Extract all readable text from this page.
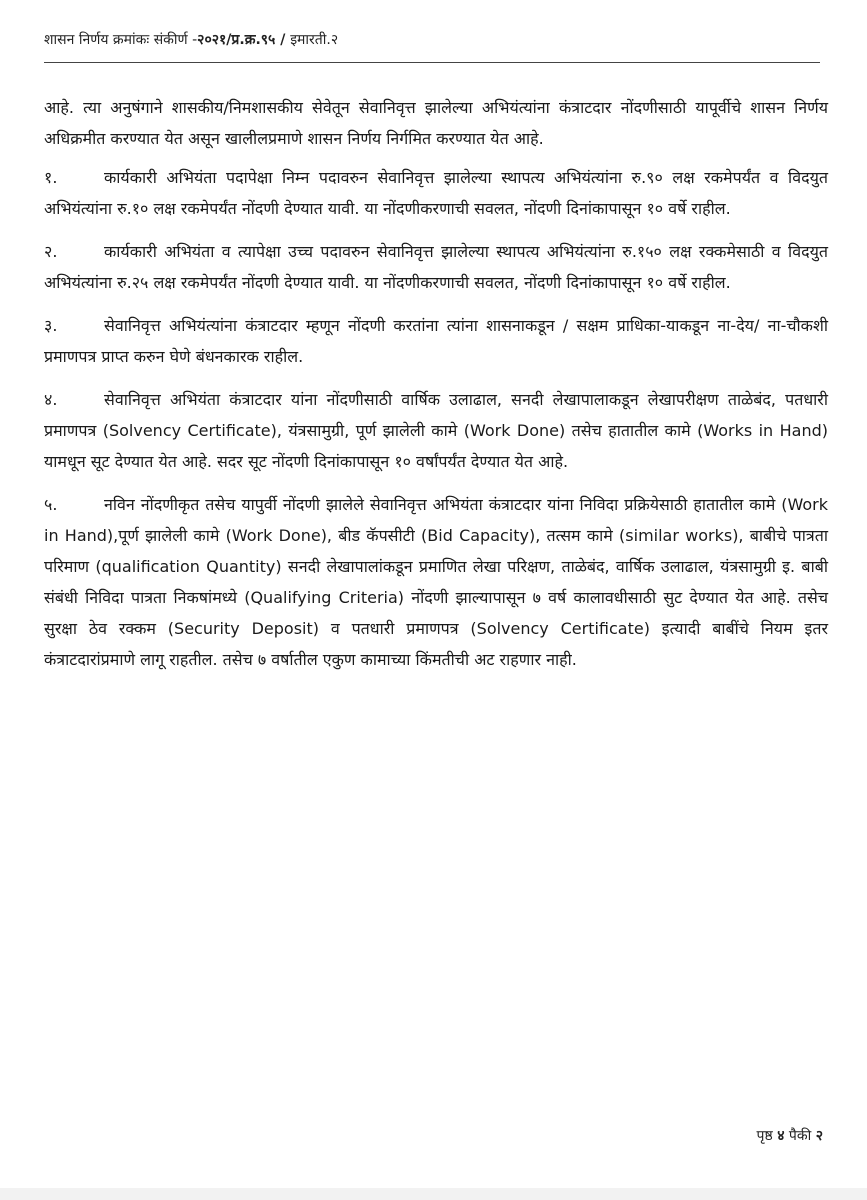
शासन निर्णय क्रमांकः संकीर्ण -२०२१/प्र.क्र.९५ / इमारती.२

आहे. त्या अनुषंगाने शासकीय/निमशासकीय सेवेतून सेवानिवृत्त झालेल्या अभियंत्यांना कंत्राटदार नोंदणीसाठी यापूर्वीचे शासन निर्णय अधिक्रमीत करण्यात येत असून खालीलप्रमाणे शासन निर्णय निर्गमित करण्यात येत आहे.

१.	कार्यकारी अभियंता पदापेक्षा निम्न पदावरुन सेवानिवृत्त झालेल्या स्थापत्य अभियंत्यांना रु.९० लक्ष रकमेपर्यंत व विदयुत अभियंत्यांना रु.१० लक्ष रकमेपर्यंत नोंदणी देण्यात यावी. या नोंदणीकरणाची सवलत, नोंदणी दिनांकापासून १० वर्षे राहील.

२.	कार्यकारी अभियंता व त्यापेक्षा उच्च पदावरुन सेवानिवृत्त झालेल्या स्थापत्य अभियंत्यांना रु.१५० लक्ष रक्कमेसाठी व विदयुत अभियंत्यांना रु.२५ लक्ष रकमेपर्यंत नोंदणी देण्यात यावी. या नोंदणीकरणाची सवलत, नोंदणी दिनांकापासून १० वर्षे राहील.

३.	सेवानिवृत्त अभियंत्यांना कंत्राटदार म्हणून नोंदणी करतांना त्यांना शासनाकडून / सक्षम प्राधिका-याकडून ना-देय/ ना-चौकशी प्रमाणपत्र प्राप्त करुन घेणे बंधनकारक राहील.

४.	सेवानिवृत्त अभियंता कंत्राटदार यांना नोंदणीसाठी वार्षिक उलाढाल, सनदी लेखापालाकडून लेखापरीक्षण ताळेबंद, पतधारी प्रमाणपत्र (Solvency Certificate), यंत्रसामुग्री, पूर्ण झालेली कामे (Work Done) तसेच हातातील कामे (Works in Hand) यामधून सूट देण्यात येत आहे. सदर सूट नोंदणी दिनांकापासून १० वर्षांपर्यंत देण्यात येत आहे.

५.	नविन नोंदणीकृत तसेच यापुर्वी नोंदणी झालेले सेवानिवृत्त अभियंता कंत्राटदार यांना निविदा प्रक्रियेसाठी हातातील कामे (Work in Hand),पूर्ण झालेली कामे (Work Done), बीड कॅपसीटी (Bid Capacity), तत्सम कामे (similar works), बाबीचे पात्रता परिमाण (qualification Quantity) सनदी लेखापालांकडून प्रमाणित लेखा परिक्षण, ताळेबंद, वार्षिक उलाढाल, यंत्रसामुग्री इ. बाबी संबंधी निविदा पात्रता निकषांमध्ये (Qualifying Criteria) नोंदणी झाल्यापासून ७ वर्ष कालावधीसाठी सुट देण्यात येत आहे. तसेच सुरक्षा ठेव रक्कम (Security Deposit) व पतधारी प्रमाणपत्र (Solvency Certificate) इत्यादी बाबींचे नियम इतर कंत्राटदारांप्रमाणे लागू राहतील. तसेच ७ वर्षातील एकुण कामाच्या किंमतीची अट राहणार नाही.

पृष्ठ ४ पैकी २
